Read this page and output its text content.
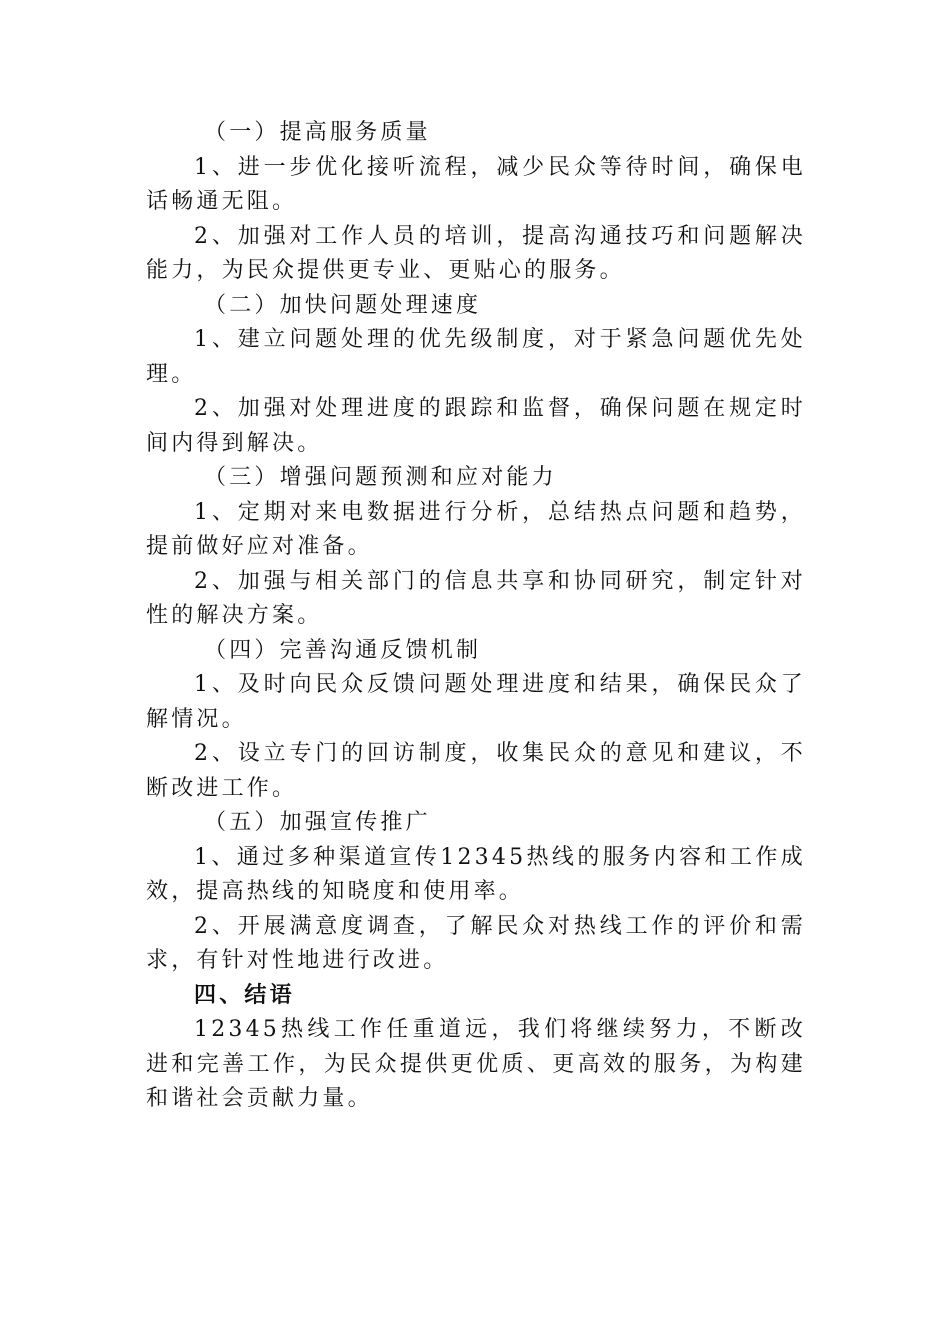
（一）提高服务质量

1、进一步优化接听流程，减少民众等待时间，确保电话畅通无阻。

2、加强对工作人员的培训，提高沟通技巧和问题解决能力，为民众提供更专业、更贴心的服务。

（二）加快问题处理速度

1、建立问题处理的优先级制度，对于紧急问题优先处理。

2、加强对处理进度的跟踪和监督，确保问题在规定时间内得到解决。

（三）增强问题预测和应对能力

1、定期对来电数据进行分析，总结热点问题和趋势，提前做好应对准备。

2、加强与相关部门的信息共享和协同研究，制定针对性的解决方案。

（四）完善沟通反馈机制

1、及时向民众反馈问题处理进度和结果，确保民众了解情况。

2、设立专门的回访制度，收集民众的意见和建议，不断改进工作。

（五）加强宣传推广

1、通过多种渠道宣传12345热线的服务内容和工作成效，提高热线的知晓度和使用率。

2、开展满意度调查，了解民众对热线工作的评价和需求，有针对性地进行改进。

四、结语

12345热线工作任重道远，我们将继续努力，不断改进和完善工作，为民众提供更优质、更高效的服务，为构建和谐社会贡献力量。
